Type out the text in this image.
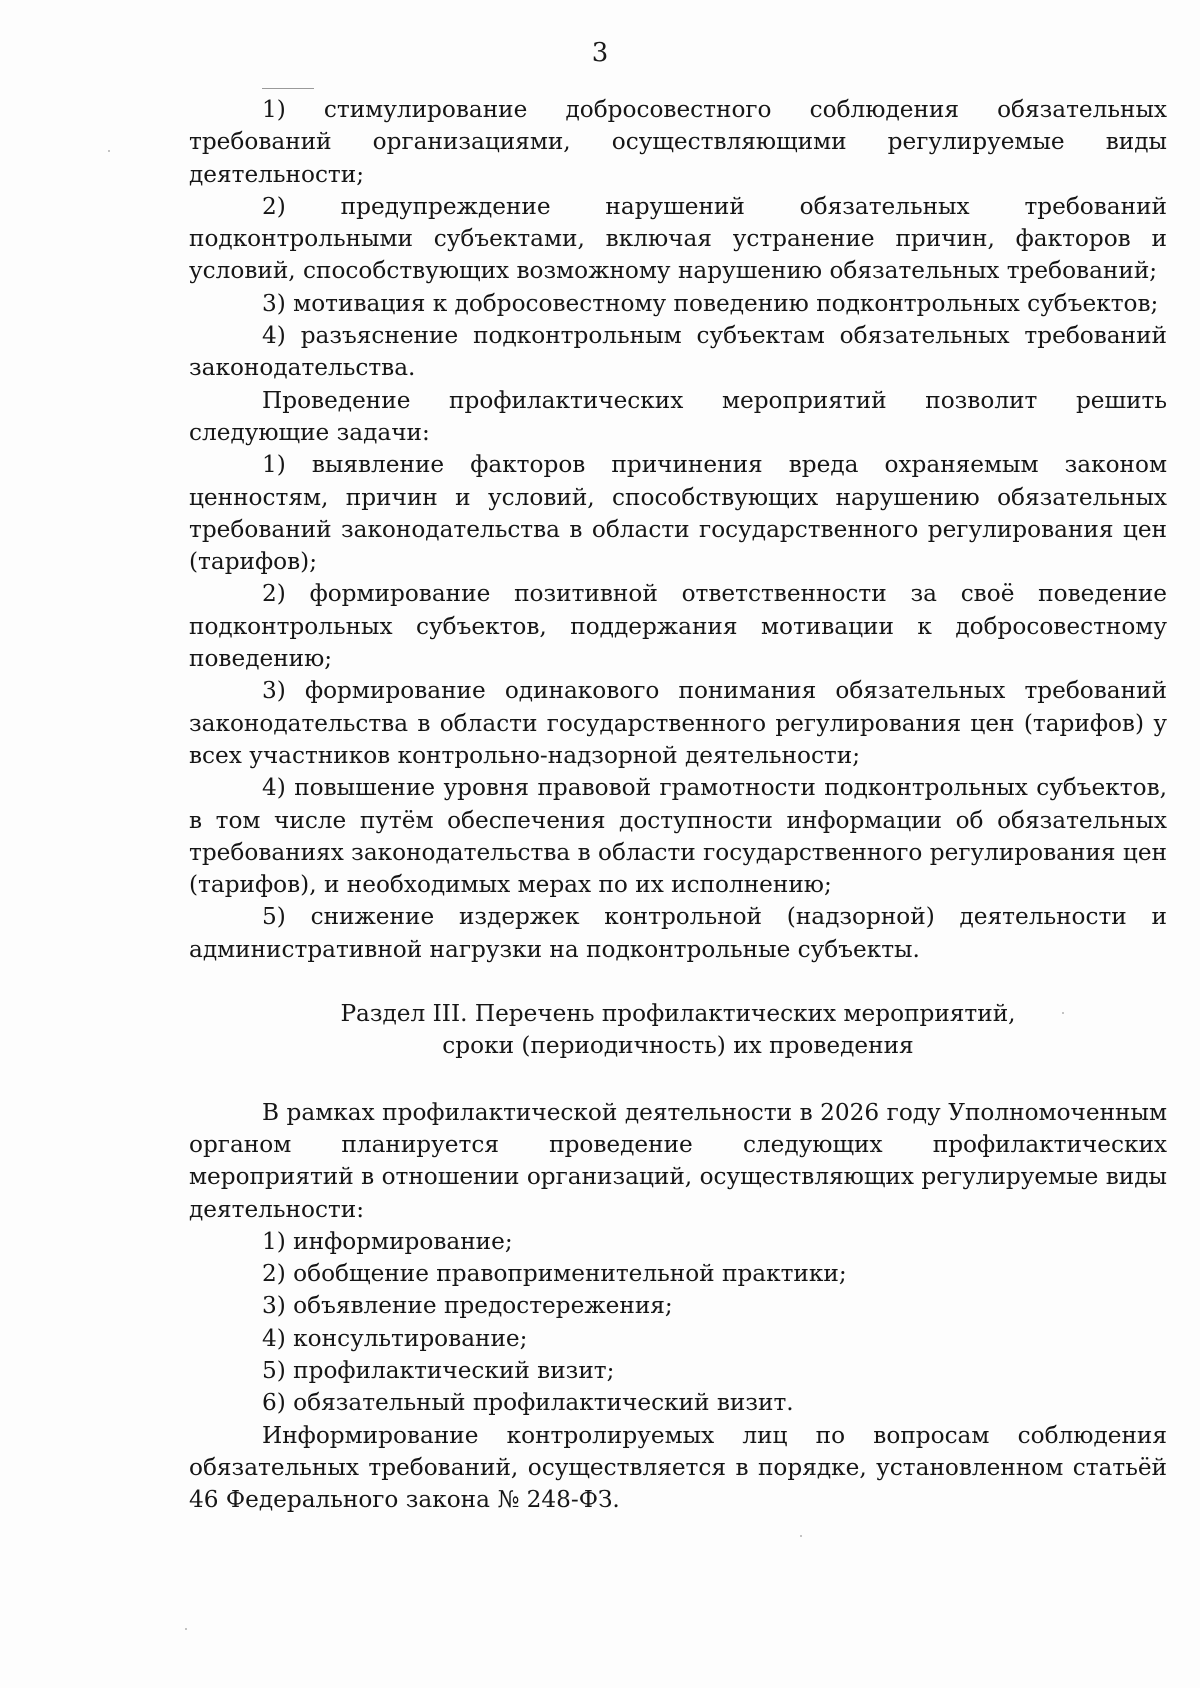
3

1) стимулирование добросовестного соблюдения обязательных требований организациями, осуществляющими регулируемые виды деятельности;

2) предупреждение нарушений обязательных требований подконтрольными субъектами, включая устранение причин, факторов и условий, способствующих возможному нарушению обязательных требований;

3) мотивация к добросовестному поведению подконтрольных субъектов;

4) разъяснение подконтрольным субъектам обязательных требований законодательства.

Проведение профилактических мероприятий позволит решить следующие задачи:

1) выявление факторов причинения вреда охраняемым законом ценностям, причин и условий, способствующих нарушению обязательных требований законодательства в области государственного регулирования цен (тарифов);

2) формирование позитивной ответственности за своё поведение подконтрольных субъектов, поддержания мотивации к добросовестному поведению;

3) формирование одинакового понимания обязательных требований законодательства в области государственного регулирования цен (тарифов) у всех участников контрольно-надзорной деятельности;

4) повышение уровня правовой грамотности подконтрольных субъектов, в том числе путём обеспечения доступности информации об обязательных требованиях законодательства в области государственного регулирования цен (тарифов), и необходимых мерах по их исполнению;

5) снижение издержек контрольной (надзорной) деятельности и административной нагрузки на подконтрольные субъекты.

Раздел III. Перечень профилактических мероприятий,
сроки (периодичность) их проведения

В рамках профилактической деятельности в 2026 году Уполномоченным органом планируется проведение следующих профилактических мероприятий в отношении организаций, осуществляющих регулируемые виды деятельности:

1) информирование;

2) обобщение правоприменительной практики;

3) объявление предостережения;

4) консультирование;

5) профилактический визит;

6) обязательный профилактический визит.

Информирование контролируемых лиц по вопросам соблюдения обязательных требований, осуществляется в порядке, установленном статьёй 46 Федерального закона № 248-ФЗ.
